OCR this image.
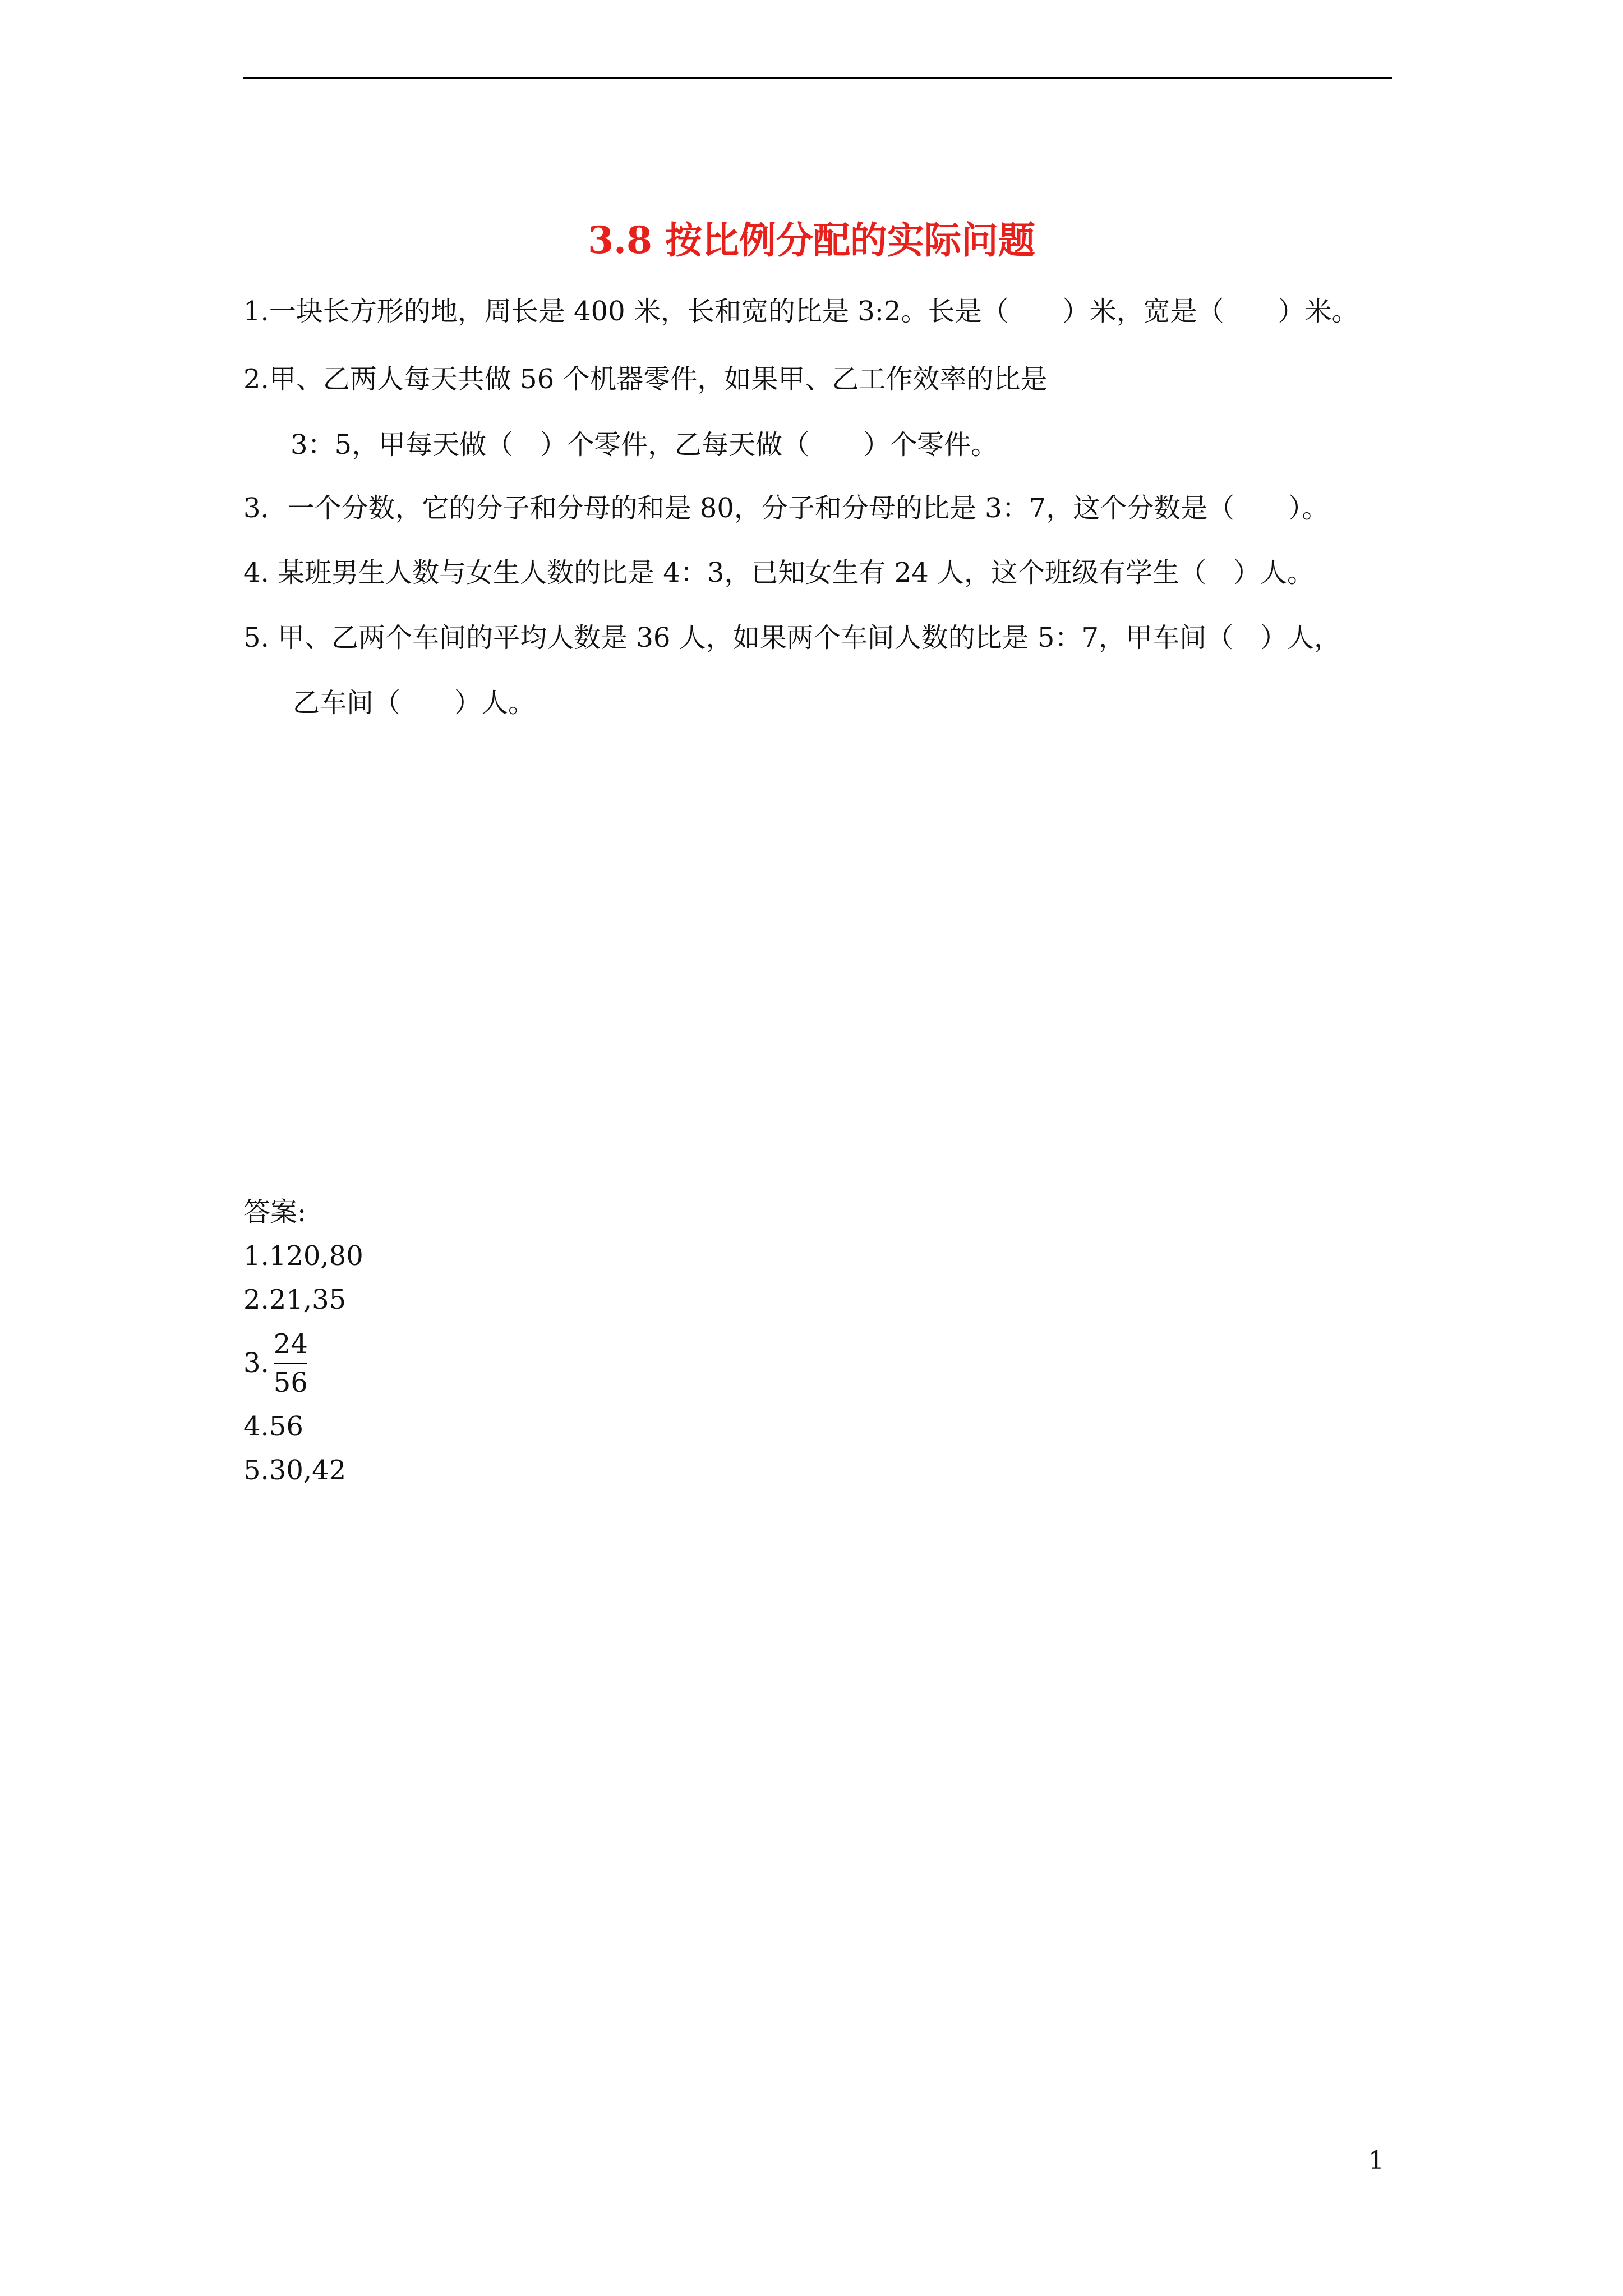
3.8 按比例分配的实际问题
1.一块长方形的地，周长是 400 米，长和宽的比是 3:2。长是（　　）米，宽是（　　）米。
2.甲、乙两人每天共做 56 个机器零件，如果甲、乙工作效率的比是
3：5，甲每天做（　）个零件，乙每天做（　　）个零件。
3．一个分数，它的分子和分母的和是 80，分子和分母的比是 3：7，这个分数是（　　）。
4. 某班男生人数与女生人数的比是 4：3，已知女生有 24 人，这个班级有学生（　）人。
5. 甲、乙两个车间的平均人数是 36 人，如果两个车间人数的比是 5：7，甲车间（　）人，
乙车间（　　）人。
答案:
1.120,80
2.21,35
3. $\frac{24}{56}$
4.56
5.30,42
1
